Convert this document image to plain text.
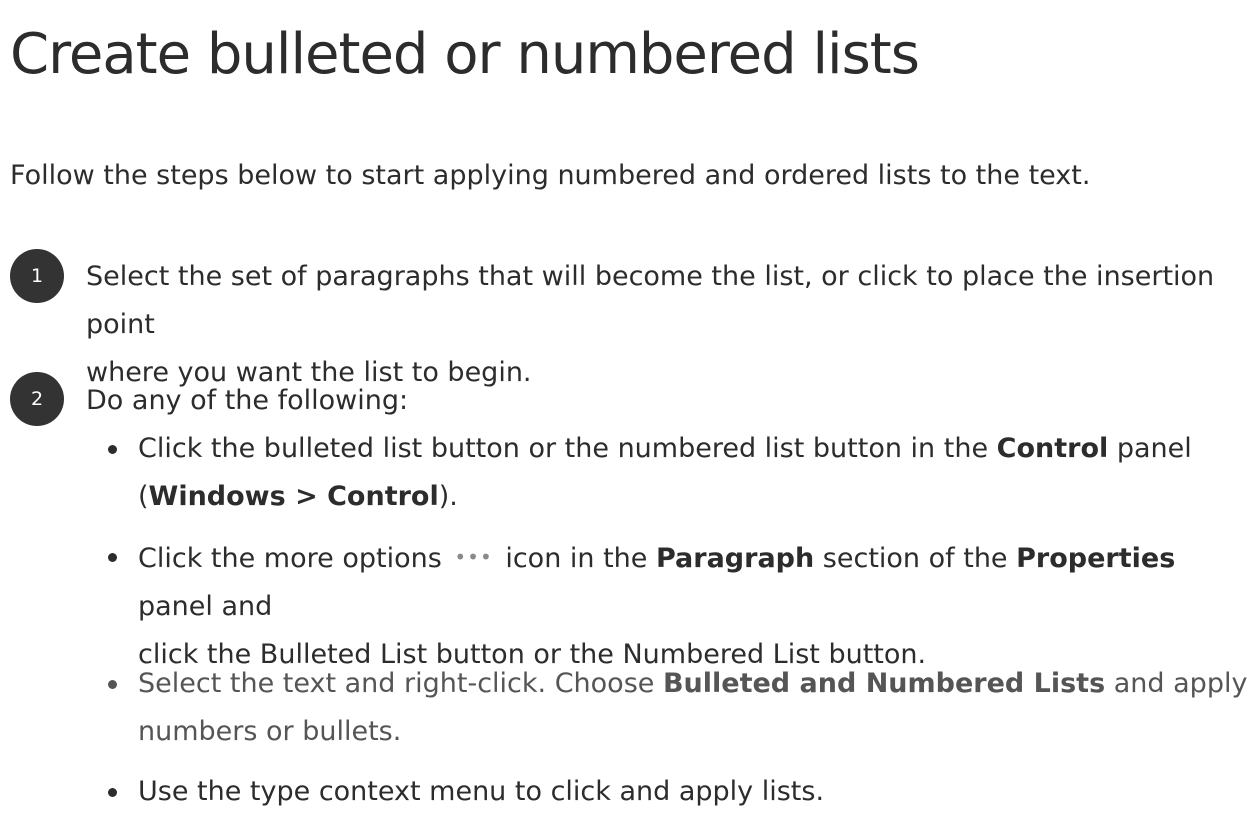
Create bulleted or numbered lists

Follow the steps below to start applying numbered and ordered lists to the text.

1 Select the set of paragraphs that will become the list, or click to place the insertion point
where you want the list to begin.

2 Do any of the following:

Click the bulleted list button or the numbered list button in the Control panel
(Windows > Control).

Click the more options ••• icon in the Paragraph section of the Properties panel and
click the Bulleted List button or the Numbered List button.

Select the text and right-click. Choose Bulleted and Numbered Lists and apply
numbers or bullets.

Use the type context menu to click and apply lists.
